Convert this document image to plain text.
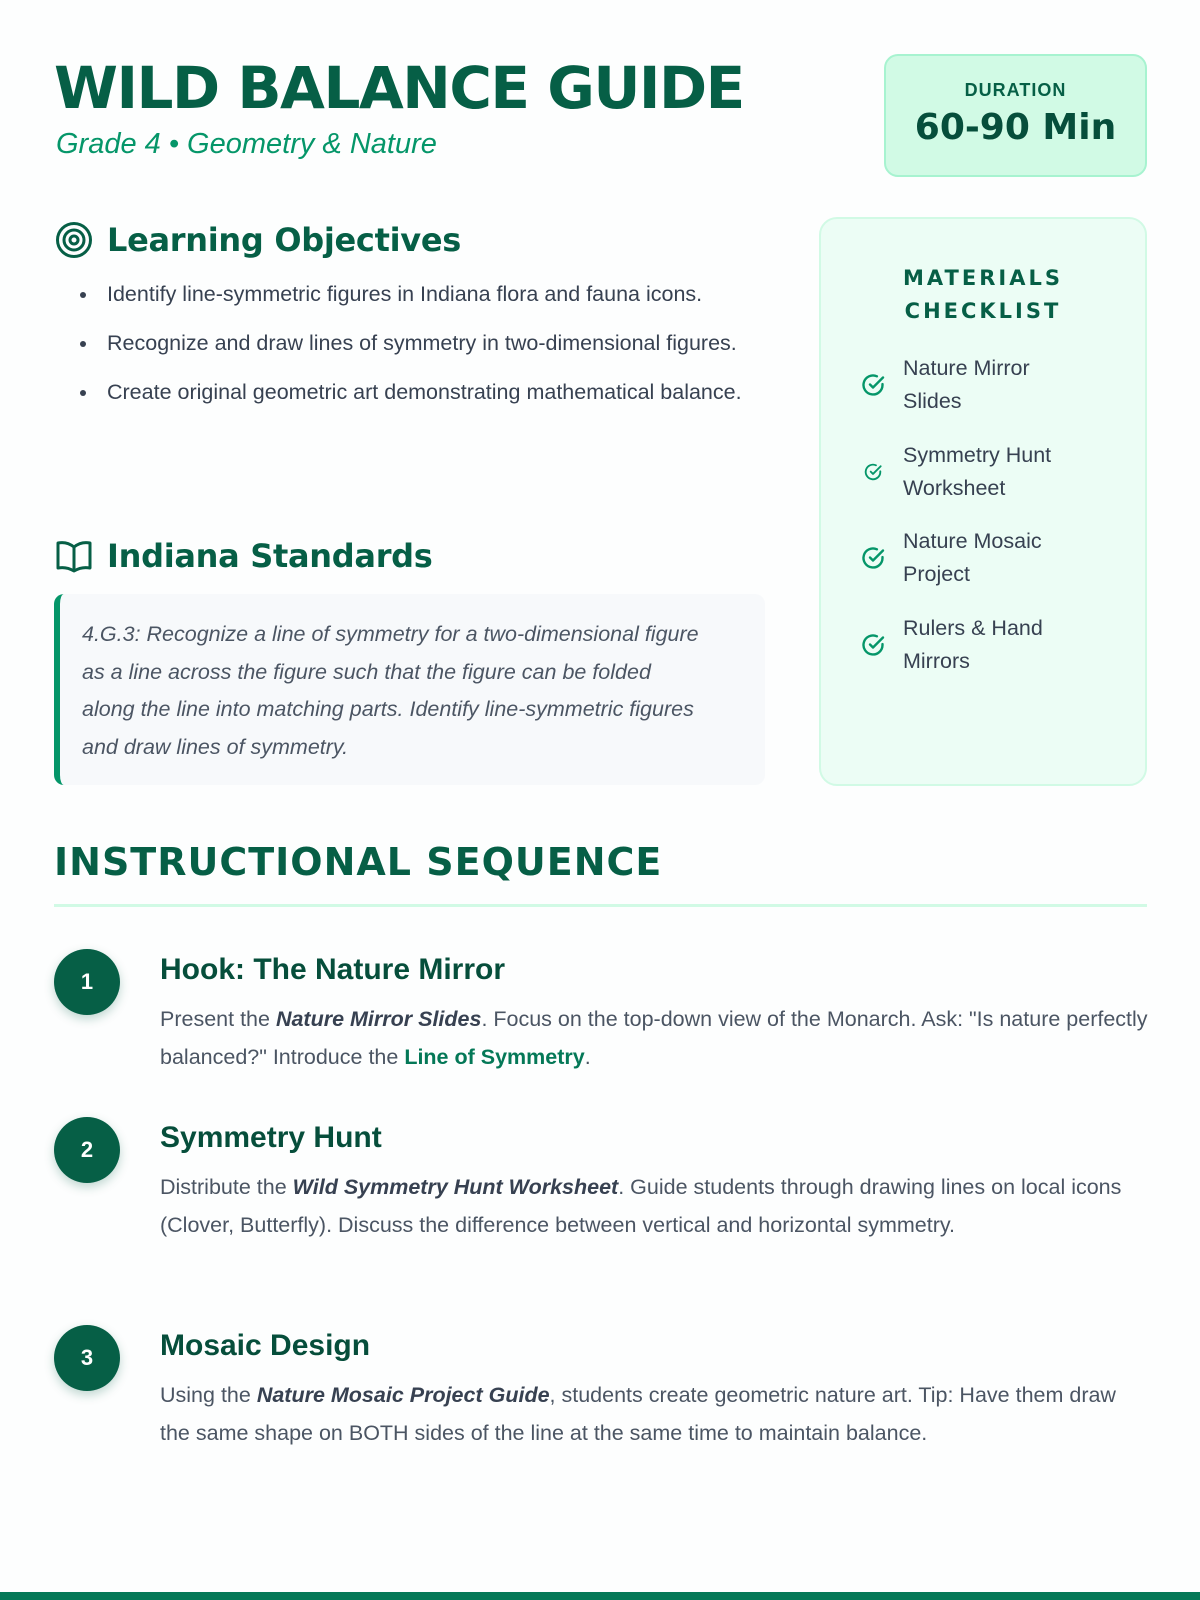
WILD BALANCE GUIDE
Grade 4 • Geometry & Nature
DURATION
60-90 Min
Learning Objectives
Identify line-symmetric figures in Indiana flora and fauna icons.
Recognize and draw lines of symmetry in two-dimensional figures.
Create original geometric art demonstrating mathematical balance.
Indiana Standards
4.G.3: Recognize a line of symmetry for a two-dimensional figure as a line across the figure such that the figure can be folded along the line into matching parts. Identify line-symmetric figures and draw lines of symmetry.
MATERIALS
CHECKLIST
Nature Mirror Slides
Symmetry Hunt Worksheet
Nature Mosaic Project
Rulers & Hand Mirrors
INSTRUCTIONAL SEQUENCE
1	Hook: The Nature Mirror
Present the Nature Mirror Slides. Focus on the top-down view of the Monarch. Ask: "Is nature perfectly balanced?" Introduce the Line of Symmetry.
2	Symmetry Hunt
Distribute the Wild Symmetry Hunt Worksheet. Guide students through drawing lines on local icons (Clover, Butterfly). Discuss the difference between vertical and horizontal symmetry.
3	Mosaic Design
Using the Nature Mosaic Project Guide, students create geometric nature art. Tip: Have them draw the same shape on BOTH sides of the line at the same time to maintain balance.
